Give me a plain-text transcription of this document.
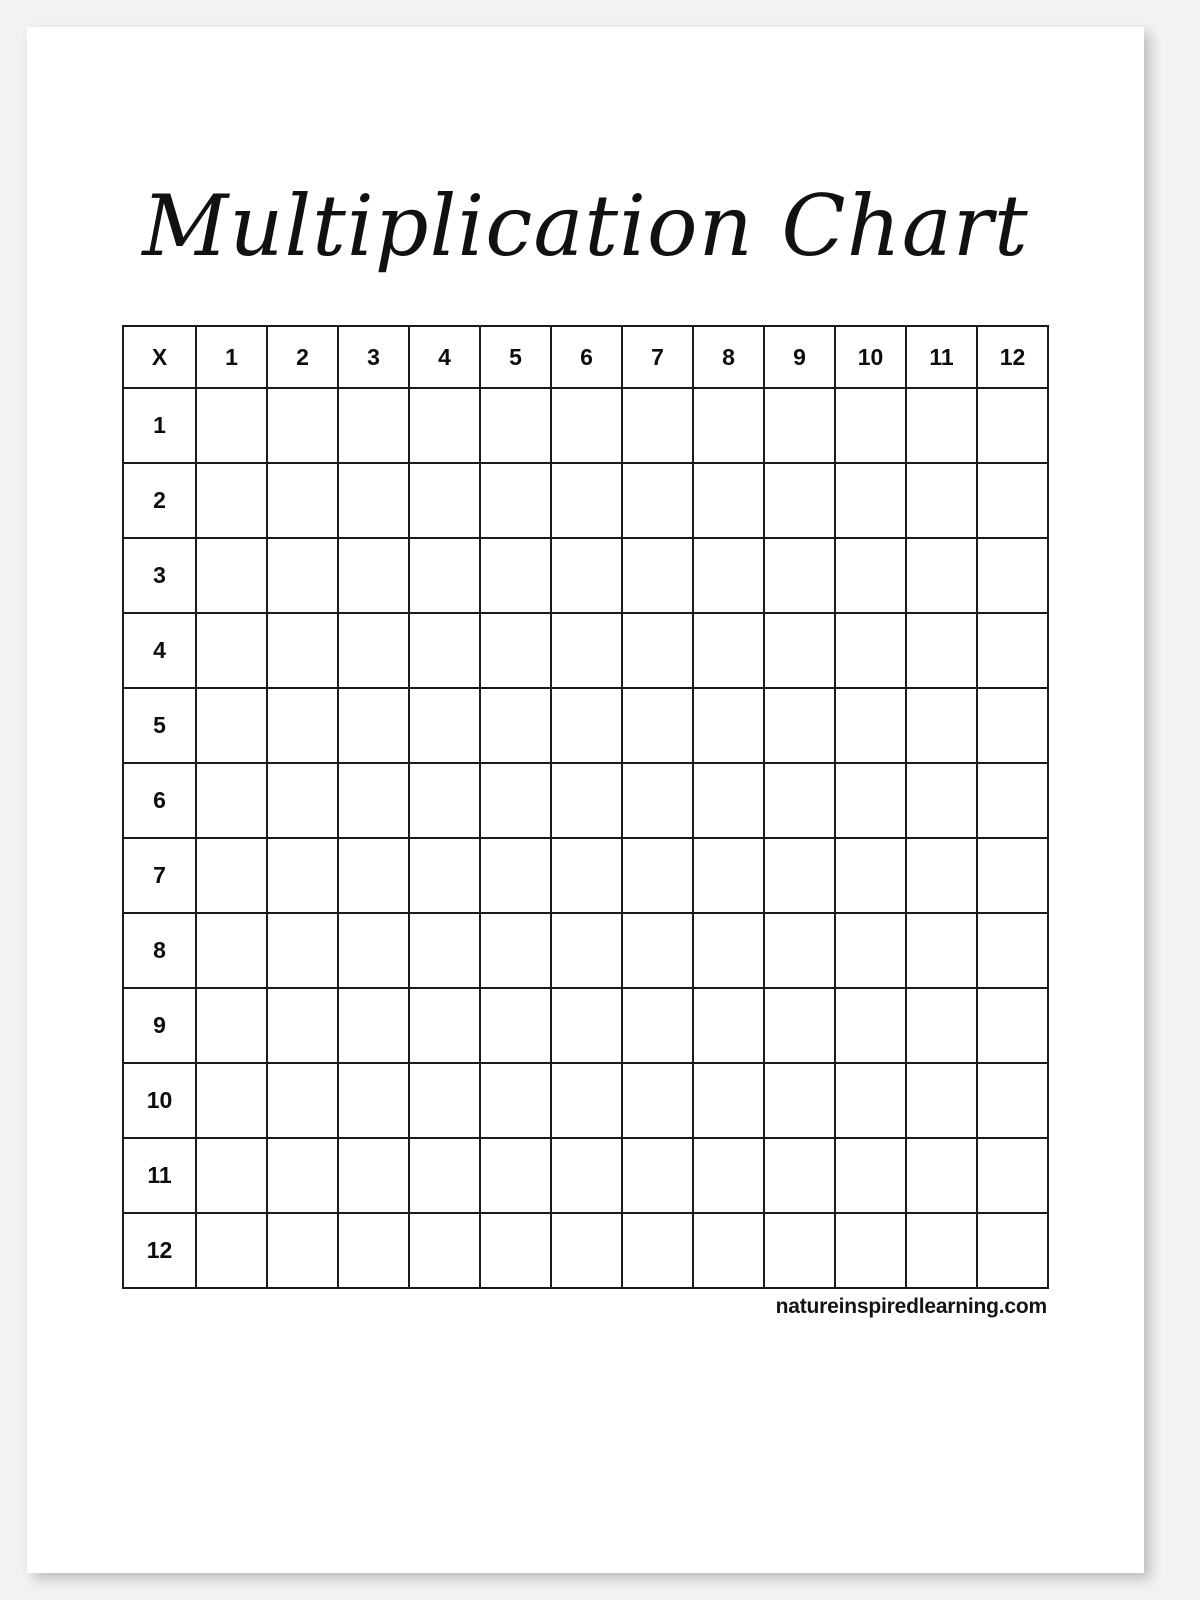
Multiplication Chart
X	1	2	3	4	5	6	7	8	9	10	11	12
1												
2												
3												
4												
5												
6												
7												
8												
9												
10												
11												
12												
natureinspiredlearning.com
